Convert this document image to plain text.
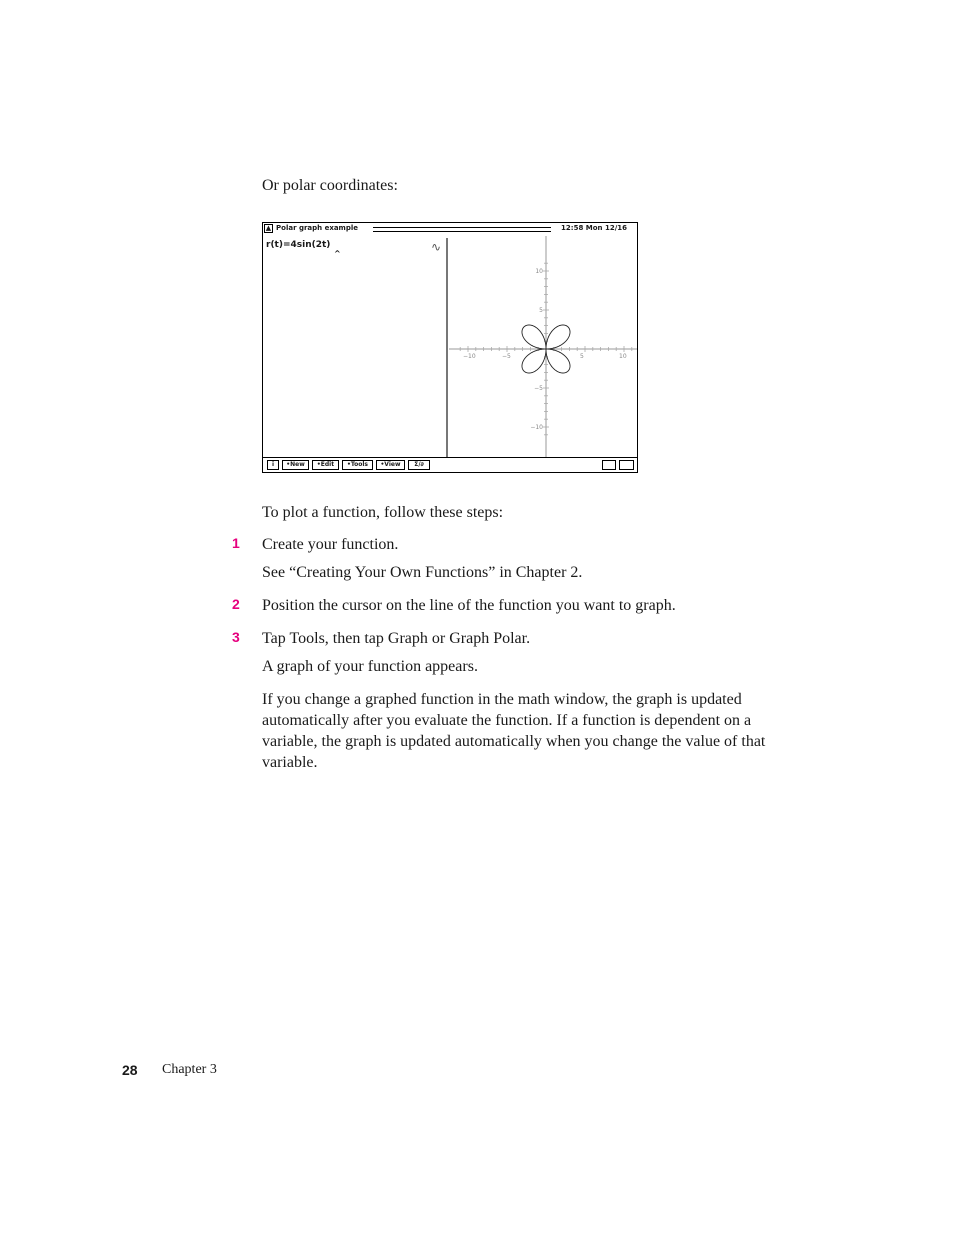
Or polar coordinates:

▲ Polar graph example	12:58 Mon 12/16
r(t)=4sin(2t)
^	∿
−10	−5	5	10
10
5
−5
−10
i	•New	•Edit	•Tools	•View	Σ/∂

To plot a function, follow these steps:

1 Create your function.

See “Creating Your Own Functions” in Chapter 2.

2 Position the cursor on the line of the function you want to graph.

3 Tap Tools, then tap Graph or Graph Polar.

A graph of your function appears.

If you change a graphed function in the math window, the graph is updated automatically after you evaluate the function. If a function is dependent on a variable, the graph is updated automatically when you change the value of that variable.

28 Chapter 3
